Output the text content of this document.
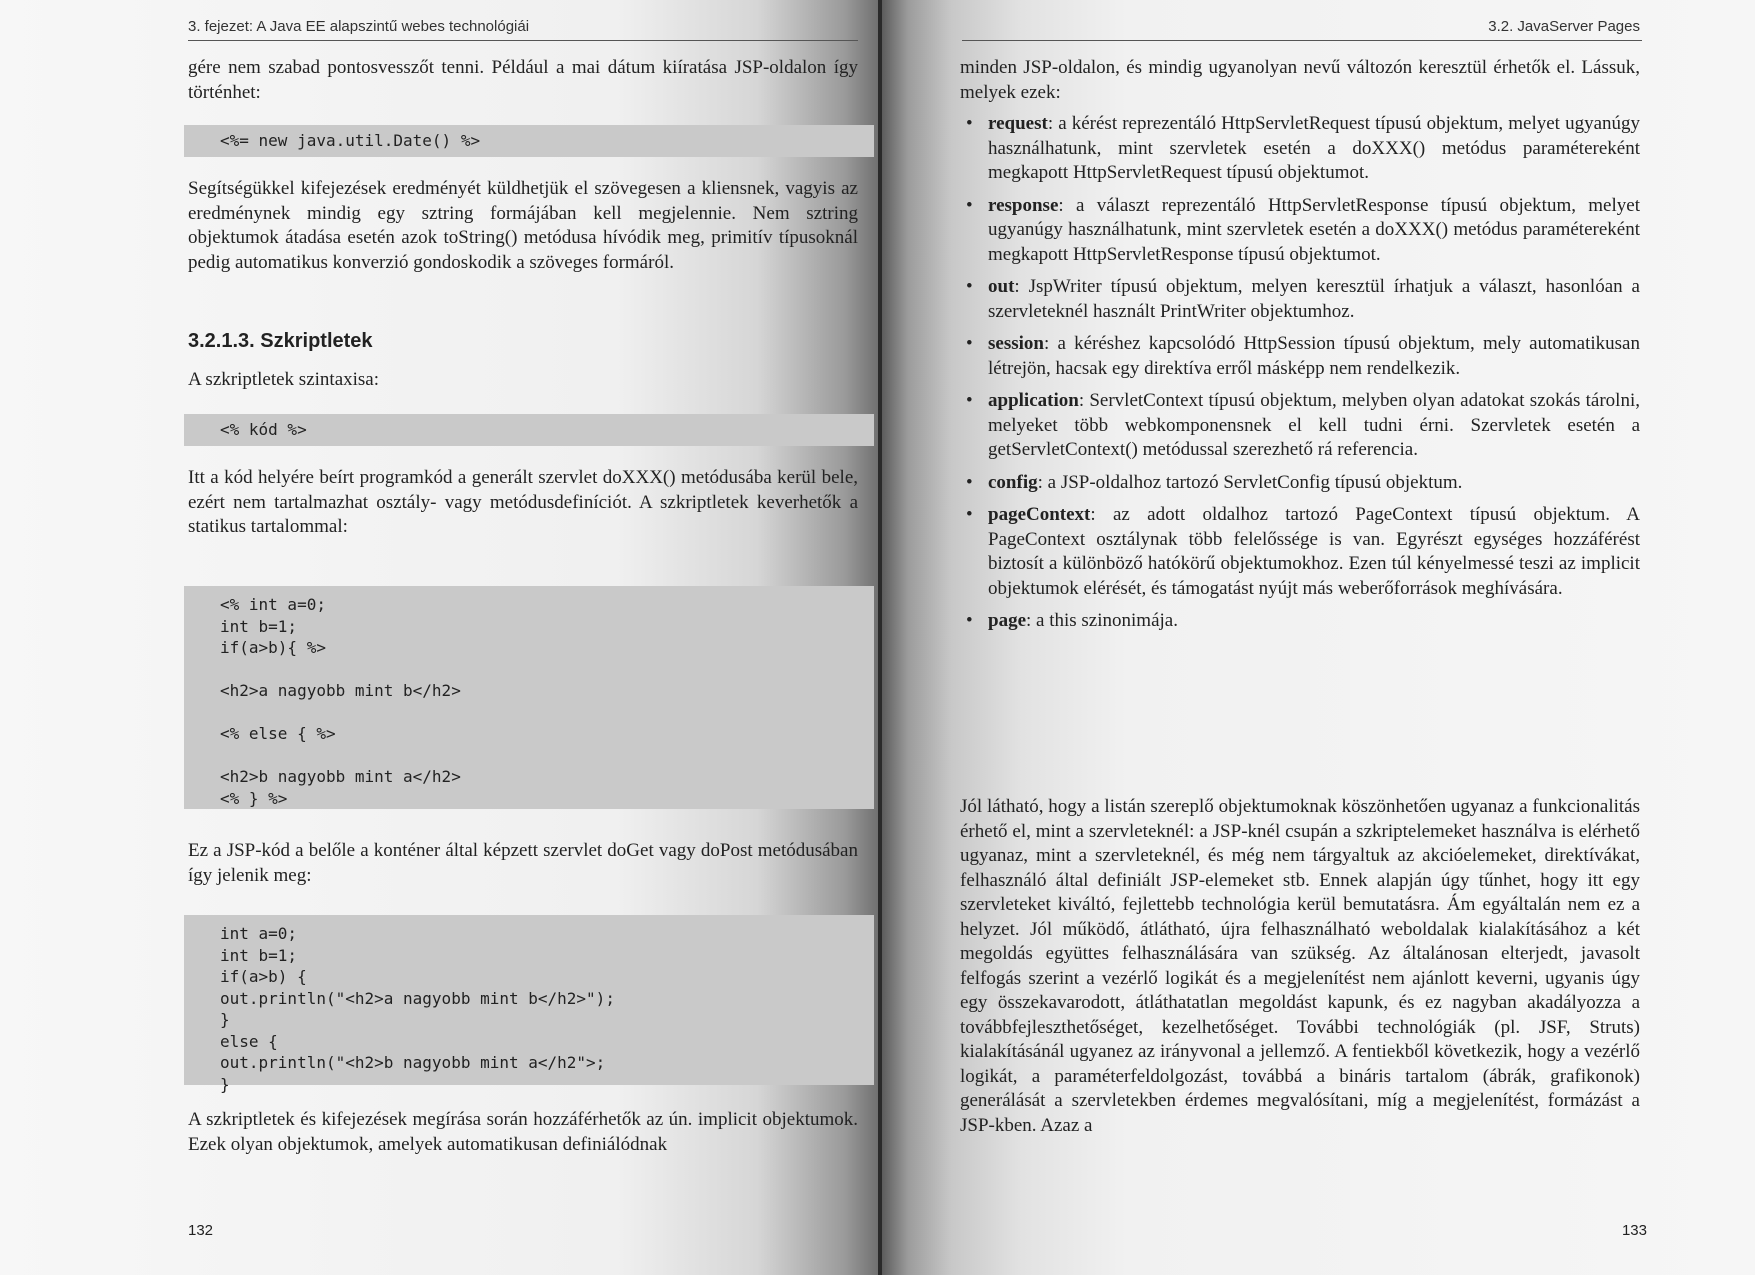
3. fejezet: A Java EE alapszintű webes technológiái

gére nem szabad pontosvesszőt tenni. Például a mai dátum kiíratása JSP-oldalon így történhet:

<%= new java.util.Date() %>

Segítségükkel kifejezések eredményét küldhetjük el szövegesen a kliensnek, vagyis az eredménynek mindig egy sztring formájában kell megjelennie. Nem sztring objektumok átadása esetén azok toString() metódusa hívódik meg, primitív típusoknál pedig automatikus konverzió gondoskodik a szöveges formáról.

3.2.1.3. Szkriptletek

A szkriptletek szintaxisa:

<% kód %>

Itt a kód helyére beírt programkód a generált szervlet doXXX() metódusába kerül bele, ezért nem tartalmazhat osztály- vagy metódusdefiníciót. A szkriptletek keverhetők a statikus tartalommal:

<% int a=0;
int b=1;
if(a>b){ %>

<h2>a nagyobb mint b</h2>

<% else { %>

<h2>b nagyobb mint a</h2>
<% } %>

Ez a JSP-kód a belőle a konténer által képzett szervlet doGet vagy doPost metódusában így jelenik meg:

int a=0;
int b=1;
if(a>b) {
out.println("<h2>a nagyobb mint b</h2>");
}
else {
out.println("<h2>b nagyobb mint a</h2">;
}

A szkriptletek és kifejezések megírása során hozzáférhetők az ún. implicit objektumok. Ezek olyan objektumok, amelyek automatikusan definiálódnak

132
3.2. JavaServer Pages

minden JSP-oldalon, és mindig ugyanolyan nevű változón keresztül érhetők el. Lássuk, melyek ezek:

• request: a kérést reprezentáló HttpServletRequest típusú objektum, melyet ugyanúgy használhatunk, mint szervletek esetén a doXXX() metódus paramétereként megkapott HttpServletRequest típusú objektumot.
• response: a választ reprezentáló HttpServletResponse típusú objektum, melyet ugyanúgy használhatunk, mint szervletek esetén a doXXX() metódus paramétereként megkapott HttpServletResponse típusú objektumot.
• out: JspWriter típusú objektum, melyen keresztül írhatjuk a választ, hasonlóan a szervleteknél használt PrintWriter objektumhoz.
• session: a kéréshez kapcsolódó HttpSession típusú objektum, mely automatikusan létrejön, hacsak egy direktíva erről másképp nem rendelkezik.
• application: ServletContext típusú objektum, melyben olyan adatokat szokás tárolni, melyeket több webkomponensnek el kell tudni érni. Szervletek esetén a getServletContext() metódussal szerezhető rá referencia.
• config: a JSP-oldalhoz tartozó ServletConfig típusú objektum.
• pageContext: az adott oldalhoz tartozó PageContext típusú objektum. A PageContext osztálynak több felelőssége is van. Egyrészt egységes hozzáférést biztosít a különböző hatókörű objektumokhoz. Ezen túl kényelmessé teszi az implicit objektumok elérését, és támogatást nyújt más weberőforrások meghívására.
• page: a this szinonimája.

Jól látható, hogy a listán szereplő objektumoknak köszönhetően ugyanaz a funkcionalitás érhető el, mint a szervleteknél: a JSP-knél csupán a szkriptelemeket használva is elérhető ugyanaz, mint a szervleteknél, és még nem tárgyaltuk az akcióelemeket, direktívákat, felhasználó által definiált JSP-elemeket stb. Ennek alapján úgy tűnhet, hogy itt egy szervleteket kiváltó, fejlettebb technológia kerül bemutatásra. Ám egyáltalán nem ez a helyzet. Jól működő, átlátható, újra felhasználható weboldalak kialakításához a két megoldás együttes felhasználására van szükség. Az általánosan elterjedt, javasolt felfogás szerint a vezérlő logikát és a megjelenítést nem ajánlott keverni, ugyanis úgy egy összekavarodott, átláthatatlan megoldást kapunk, és ez nagyban akadályozza a továbbfejleszthetőséget, kezelhetőséget. További technológiák (pl. JSF, Struts) kialakításánál ugyanez az irányvonal a jellemző. A fentiekből következik, hogy a vezérlő logikát, a paraméterfeldolgozást, továbbá a bináris tartalom (ábrák, grafikonok) generálását a szervletekben érdemes megvalósítani, míg a megjelenítést, formázást a JSP-kben. Azaz a

133
